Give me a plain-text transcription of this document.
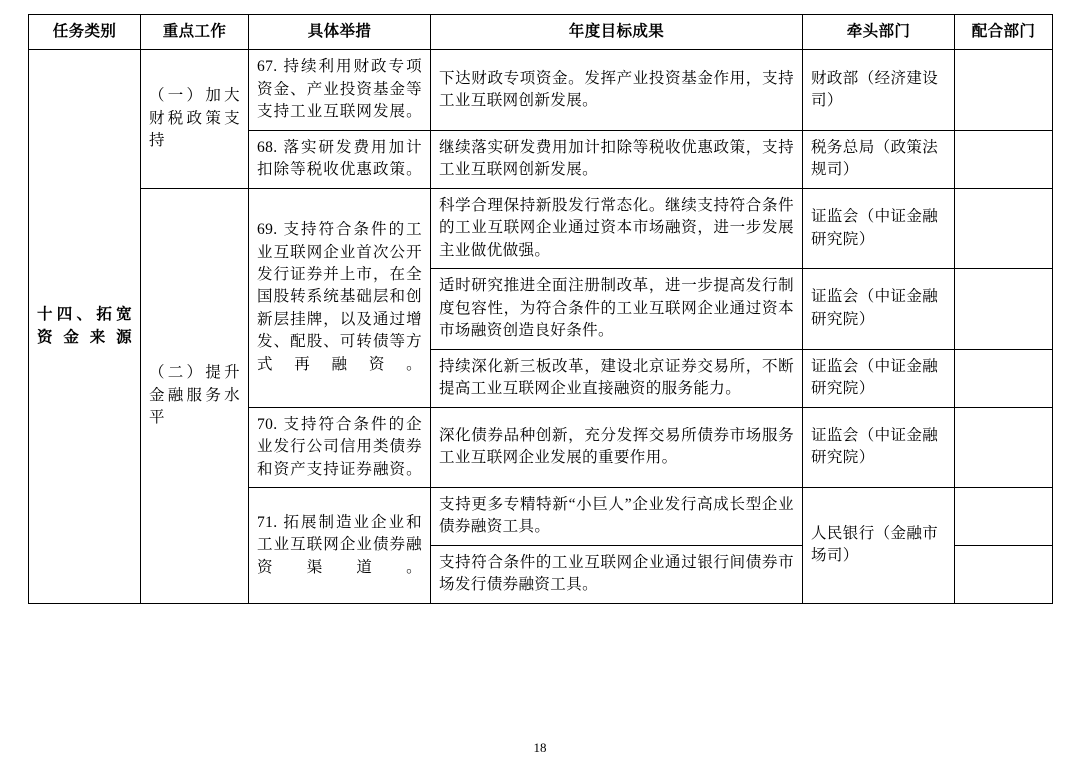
任务类别	重点工作	具体举措	年度目标成果	牵头部门	配合部门
十四、拓宽资金来源	（一）加大财税政策支持	67. 持续利用财政专项资金、产业投资基金等支持工业互联网发展。	下达财政专项资金。发挥产业投资基金作用，支持工业互联网创新发展。	财政部（经济建设司）	
		68. 落实研发费用加计扣除等税收优惠政策。	继续落实研发费用加计扣除等税收优惠政策，支持工业互联网创新发展。	税务总局（政策法规司）	
	（二）提升金融服务水平	69. 支持符合条件的工业互联网企业首次公开发行证券并上市，在全国股转系统基础层和创新层挂牌，以及通过增发、配股、可转债等方式再融资。	科学合理保持新股发行常态化。继续支持符合条件的工业互联网企业通过资本市场融资，进一步发展主业做优做强。	证监会（中证金融研究院）	
			适时研究推进全面注册制改革，进一步提高发行制度包容性，为符合条件的工业互联网企业通过资本市场融资创造良好条件。	证监会（中证金融研究院）	
			持续深化新三板改革，建设北京证券交易所，不断提高工业互联网企业直接融资的服务能力。	证监会（中证金融研究院）	
		70. 支持符合条件的企业发行公司信用类债券和资产支持证券融资。	深化债券品种创新，充分发挥交易所债券市场服务工业互联网企业发展的重要作用。	证监会（中证金融研究院）	
		71. 拓展制造业企业和工业互联网企业债券融资渠道。	支持更多专精特新“小巨人”企业发行高成长型企业债券融资工具。	人民银行（金融市场司）	
			支持符合条件的工业互联网企业通过银行间债券市场发行债券融资工具。		
18
